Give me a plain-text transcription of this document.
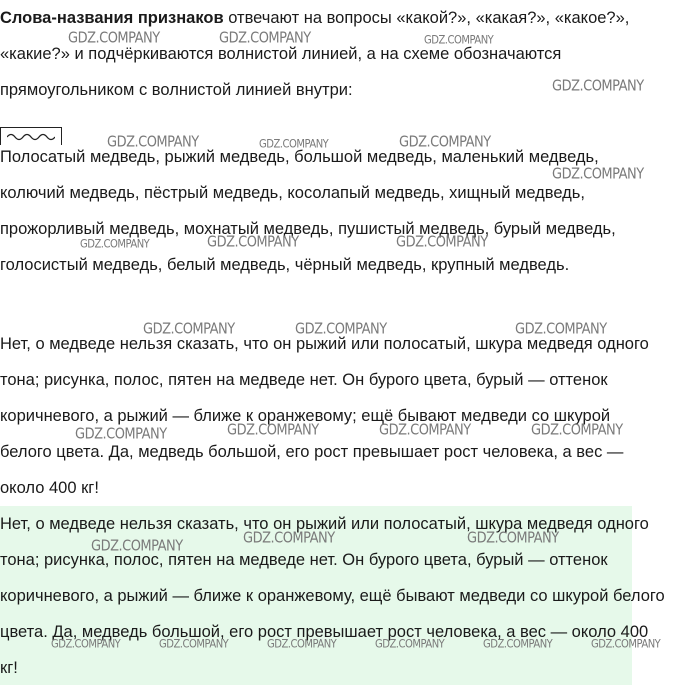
Слова-названия признаков отвечают на вопросы «какой?», «какая?», «какое?», «какие?» и подчёркиваются волнистой линией, а на схеме обозначаются прямоугольником с волнистой линией внутри:

Полосатый медведь, рыжий медведь, большой медведь, маленький медведь, колючий медведь, пёстрый медведь, косолапый медведь, хищный медведь, прожорливый медведь, мохнатый медведь, пушистый медведь, бурый медведь, голосистый медведь, белый медведь, чёрный медведь, крупный медведь.

Нет, о медведе нельзя сказать, что он рыжий или полосатый, шкура медведя одного тона; рисунка, полос, пятен на медведе нет. Он бурого цвета, бурый — оттенок коричневого, а рыжий — ближе к оранжевому; ещё бывают медведи со шкурой белого цвета. Да, медведь большой, его рост превышает рост человека, а вес — около 400 кг!

Нет, о медведе нельзя сказать, что он рыжий или полосатый, шкура медведя одного тона; рисунка, полос, пятен на медведе нет. Он бурого цвета, бурый — оттенок коричневого, а рыжий — ближе к оранжевому, ещё бывают медведи со шкурой белого цвета. Да, медведь большой, его рост превышает рост человека, а вес — около 400 кг!

GDZ.COMPANY	GDZ.COMPANY	GDZ.COMPANY
GDZ.COMPANY
GDZ.COMPANY	GDZ.COMPANY	GDZ.COMPANY
GDZ.COMPANY
GDZ.COMPANY	GDZ.COMPANY	GDZ.COMPANY
GDZ.COMPANY	GDZ.COMPANY	GDZ.COMPANY
GDZ.COMPANY	GDZ.COMPANY	GDZ.COMPANY	GDZ.COMPANY
GDZ.COMPANY	GDZ.COMPANY	GDZ.COMPANY
GDZ.COMPANY	GDZ.COMPANY	GDZ.COMPANY	GDZ.COMPANY	GDZ.COMPANY	GDZ.COMPANY
